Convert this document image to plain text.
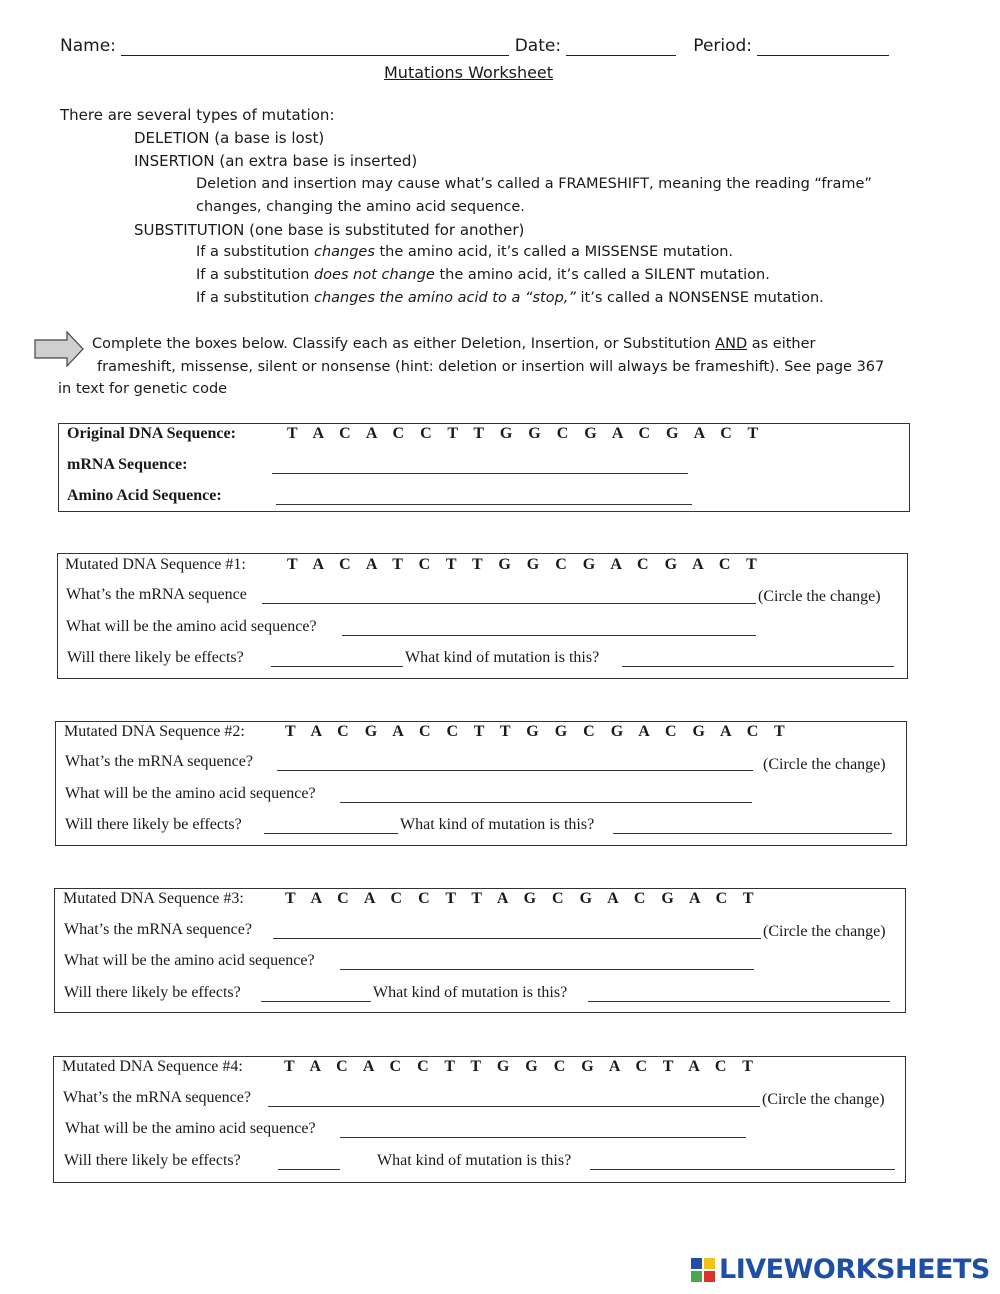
Name:	Date:	Period:
Mutations Worksheet
There are several types of mutation:
DELETION (a base is lost)
INSERTION (an extra base is inserted)
Deletion and insertion may cause what’s called a FRAMESHIFT, meaning the reading “frame”
changes, changing the amino acid sequence.
SUBSTITUTION (one base is substituted for another)
If a substitution changes the amino acid, it’s called a MISSENSE mutation.
If a substitution does not change the amino acid, it’s called a SILENT mutation.
If a substitution changes the amino acid to a “stop,” it’s called a NONSENSE mutation.
Complete the boxes below. Classify each as either Deletion, Insertion, or Substitution AND as either
frameshift, missense, silent or nonsense (hint: deletion or insertion will always be frameshift). See page 367
in text for genetic code
Original DNA Sequence:	T A C A C C T T G G C G A C G A C T
mRNA Sequence:
Amino Acid Sequence:
Mutated DNA Sequence #1:	T A C A T C T T G G C G A C G A C T
What’s the mRNA sequence	(Circle the change)
What will be the amino acid sequence?
Will there likely be effects?	What kind of mutation is this?
Mutated DNA Sequence #2:	T A C G A C C T T G G C G A C G A C T
What’s the mRNA sequence?	(Circle the change)
What will be the amino acid sequence?
Will there likely be effects?	What kind of mutation is this?
Mutated DNA Sequence #3:	T A C A C C T T A G C G A C G A C T
What’s the mRNA sequence?	(Circle the change)
What will be the amino acid sequence?
Will there likely be effects?	What kind of mutation is this?
Mutated DNA Sequence #4:	T A C A C C T T G G C G A C T A C T
What’s the mRNA sequence?	(Circle the change)
What will be the amino acid sequence?
Will there likely be effects?	What kind of mutation is this?
LIVEWORKSHEETS
